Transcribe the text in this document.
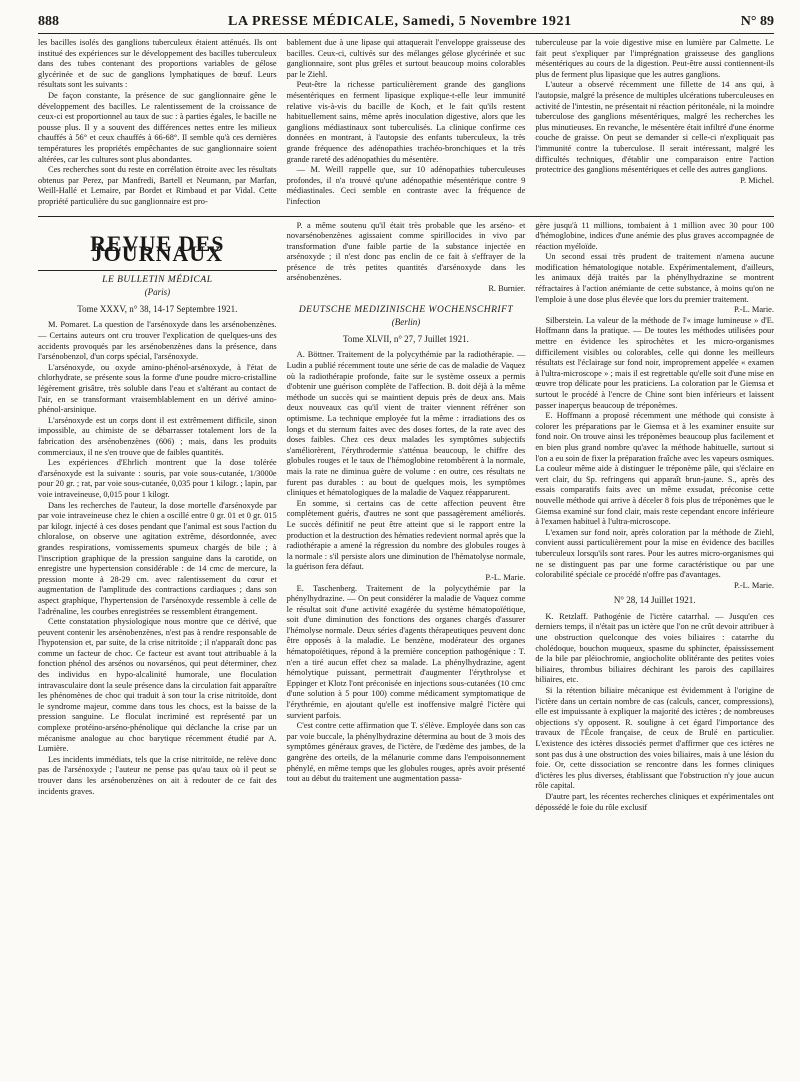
888	LA PRESSE MÉDICALE, Samedi, 5 Novembre 1921	N° 89

les bacilles isolés des ganglions tuberculeux étaient atténués. Ils ont institué des expériences sur le développement des bacilles tuberculeux dans des tubes contenant des proportions variables de gélose glycérinée et de suc de ganglions lymphatiques de bœuf. Leurs résultats sont les suivants :

De façon constante, la présence de suc ganglionnaire gêne le développement des bacilles. Le ralentissement de la croissance de ceux-ci est proportionnel au taux de suc : à parties égales, le bacille ne pousse plus. Il y a souvent des différences nettes entre les milieux chauffés à 56° et ceux chauffés à 66-68°. Il semble qu'à ces dernières températures les propriétés empêchantes de suc ganglionnaire soient altérées, car les cultures sont plus abondantes.

Ces recherches sont du reste en corrélation étroite avec les résultats obtenus par Perez, par Manfredi, Bartell et Neumann, par Marfan, Weill-Hallé et Lemaire, par Bordet et Rimbaud et par Vidal. Cette propriété particulière du suc ganglionnaire est pro-

bablement due à une lipase qui attaquerait l'enveloppe graisseuse des bacilles. Ceux-ci, cultivés sur des mélanges gélose glycérinée et suc ganglionnaire, sont plus grêles et surtout beaucoup moins colorables par le Ziehl.

Peut-être la richesse particulièrement grande des ganglions mésentériques en ferment lipasique explique-t-elle leur immunité relative vis-à-vis du bacille de Koch, et le fait qu'ils restent habituellement sains, même après inoculation digestive, alors que les ganglions médiastinaux sont tuberculisés. La clinique confirme ces données en montrant, à l'autopsie des enfants tuberculeux, la très grande fréquence des adénopathies trachéo-bronchiques et la très grande rareté des adénopathies du mésentère.

— M. Weill rappelle que, sur 10 adénopathies tuberculeuses profondes, il n'a trouvé qu'une adénopathie mésentérique contre 9 médiastinales. Ceci semble en contraste avec la fréquence de l'infection

tuberculeuse par la voie digestive mise en lumière par Calmette. Le fait peut s'expliquer par l'imprégnation graisseuse des ganglions mésentériques au cours de la digestion. Peut-être aussi contiennent-ils plus de ferment plus lipasique que les autres ganglions.

L'auteur a observé récemment une fillette de 14 ans qui, à l'autopsie, malgré la présence de multiples ulcérations tuberculeuses en activité de l'intestin, ne présentait ni réaction péritonéale, ni la moindre tuberculose des ganglions mésentériques, malgré les recherches les plus minutieuses. En revanche, le mésentère était infiltré d'une énorme couche de graisse. On peut se demander si celle-ci n'expliquait pas l'immunité contre la tuberculose. Il serait intéressant, malgré les difficultés techniques, d'établir une comparaison entre l'action protectrice des ganglions mésentériques et celle des autres ganglions.

P. Michel.

REVUE DES JOURNAUX
LE BULLETIN MÉDICAL
(Paris)
Tome XXXV, n° 38, 14-17 Septembre 1921.

M. Pomaret. La question de l'arsénoxyde dans les arsénobenzènes. — Certains auteurs ont cru trouver l'explication de quelques-uns des accidents provoqués par les arsénobenzènes dans la présence, dans l'arsénobenzol, d'un corps spécial, l'arsénoxyde.

L'arsénoxyde, ou oxyde amino-phénol-arsénoxyde, à l'état de chlorhydrate, se présente sous la forme d'une poudre micro-cristalline légèrement grisâtre, très soluble dans l'eau et s'altérant au contact de l'air, en se transformant vraisemblablement en un dérivé amino-phénol-arsinique.

L'arsénoxyde est un corps dont il est extrêmement difficile, sinon impossible, au chimiste de se débarrasser totalement lors de la fabrication des arsénobenzènes (606) ; mais, dans les produits commerciaux, il ne s'en trouve que de faibles quantités.

Les expériences d'Ehrlich montrent que la dose tolérée d'arsénoxyde est la suivante : souris, par voie sous-cutanée, 1/3000e pour 20 gr. ; rat, par voie sous-cutanée, 0,035 pour 1 kilogr. ; lapin, par voie intraveineuse, 0,015 pour 1 kilogr.

Dans les recherches de l'auteur, la dose mortelle d'arsénoxyde par par voie intraveineuse chez le chien a oscillé entre 0 gr. 01 et 0 gr. 015 par kilogr. injecté à ces doses pendant que l'animal est sous l'action du chloralose, on observe une agitation extrême, désordonnée, avec grandes respirations, vomissements spumeux chargés de bile ; à l'inscription graphique de la pression sanguine dans la carotide, on enregistre une hypertension considérable : de 14 cmc de mercure, la pression monte à 28-29 cm. avec ralentissement du cœur et augmentation de l'amplitude des contractions cardiaques ; dans son aspect graphique, l'hypertension de l'arsénoxyde ressemble à celle de l'adrénaline, les courbes enregistrées se ressemblent étrangement.

Cette constatation physiologique nous montre que ce dérivé, que peuvent contenir les arsénobenzènes, n'est pas à rendre responsable de l'hypotension et, par suite, de la crise nitritoïde ; il n'apparaît donc pas comme un facteur de choc. Ce facteur est avant tout attribuable à la fonction phénol des arsénos ou novarsénos, qui peut déterminer, chez des individus en hypo-alcalinité humorale, une floculation intravasculaire dont la seule présence dans la circulation fait apparaître les phénomènes de choc qui traduit à son tour la crise nitritoïde, dont le syndrome majeur, comme dans tous les chocs, est la baisse de la pression sanguine. Le floculat incriminé est représenté par un complexe protéino-arséno-phénolique qui déclanche la crise par un mécanisme analogue au choc barytique récemment étudié par A. Lumière.

Les incidents immédiats, tels que la crise nitritoïde, ne relève donc pas de l'arsénoxyde ; l'auteur ne pense pas qu'au taux où il peut se trouver dans les arsénobenzènes on ait à redouter de ce fait des incidents graves.

P. a même soutenu qu'il était très probable que les arséno- et novarsénobenzènes agissaient comme spirillocides in vivo par transformation d'une faible partie de la substance injectée en arsénoxyde ; il n'est donc pas enclin de ce fait à s'effrayer de la présence de très petites quantités d'arsénoxyde dans les arsénobenzènes.

R. Burnier.

DEUTSCHE MEDIZINISCHE WOCHENSCHRIFT
(Berlin)
Tome XLVII, n° 27, 7 Juillet 1921.

A. Böttner. Traitement de la polycythémie par la radiothérapie. — Ludin a publié récemment toute une série de cas de maladie de Vaquez où la radiothérapie profonde, faite sur le système osseux a permis d'obtenir une guérison complète de l'affection. B. doit déjà à la même méthode un succès qui se maintient depuis près de deux ans. Mais deux nouveaux cas qu'il vient de traiter viennent réfréner son optimisme. La technique employée fut la même : irradiations des os longs et du sternum faites avec des doses fortes, de la rate avec des doses faibles. Chez ces deux malades les symptômes subjectifs s'améliorèrent, l'érythrodermie s'atténua beaucoup, le chiffre des globules rouges et le taux de l'hémoglobine retombèrent à la normale, mais la rate ne diminua guère de volume : en outre, ces résultats ne furent pas durables : au bout de quelques mois, les symptômes cliniques et hématologiques de la maladie de Vaquez réapparurent.

En somme, si certains cas de cette affection peuvent être complètement guéris, d'autres ne sont que passagèrement améliorés. Le succès définitif ne peut être atteint que si le rapport entre la production et la destruction des hématies redevient normal après que la radiothérapie a amené la régression du nombre des globules rouges à la normale : s'il persiste alors une diminution de l'hématolyse normale, la guérison fera défaut.

P.-L. Marie.

E. Taschenberg. Traitement de la polycythémie par la phénylhydrazine. — On peut considérer la maladie de Vaquez comme le résultat soit d'une activité exagérée du système hématopoïétique, soit d'une diminution des fonctions des organes chargés d'assurer l'hémolyse normale. Deux séries d'agents thérapeutiques peuvent donc être opposés à la maladie. Le benzène, modérateur des organes hématopoïétiques, répond à la première conception pathogénique : T. n'en a tiré aucun effet chez sa malade. La phénylhydrazine, agent hémolytique puissant, permettrait d'augmenter l'érythrolyse et Eppinger et Klotz l'ont préconisée en injections sous-cutanées (10 cmc d'une solution à 5 pour 100) comme médicament symptomatique de l'érythrémie, en ajoutant qu'elle est inoffensive malgré l'ictère qui survient parfois.

C'est contre cette affirmation que T. s'élève. Employée dans son cas par voie buccale, la phénylhydrazine détermina au bout de 3 mois des symptômes généraux graves, de l'ictère, de l'œdème des jambes, de la gangrène des orteils, de la mélanurie comme dans l'empoisonnement phénylé, en même temps que les globules rouges, après avoir présenté tout au début du traitement une augmentation passa-

gère jusqu'à 11 millions, tombaient à 1 million avec 30 pour 100 d'hémoglobine, indices d'une anémie des plus graves accompagnée de réaction myéloïde.

Un second essai très prudent de traitement n'amena aucune modification hématologique notable. Expérimentalement, d'ailleurs, les animaux déjà traités par la phénylhydrazine se montrent réfractaires à l'action anémiante de cette substance, à moins qu'on ne l'emploie à une dose plus élevée que lors du premier traitement.

P.-L. Marie.

Silberstein. La valeur de la méthode de l'« image lumineuse » d'E. Hoffmann dans la pratique. — De toutes les méthodes utilisées pour mettre en évidence les spirochètes et les micro-organismes difficilement visibles ou colorables, celle qui donne les meilleurs résultats est l'éclairage sur fond noir, improprement appelée « examen à l'ultra-microscope » ; mais il est regrettable qu'elle soit d'une mise en œuvre trop délicate pour les praticiens. La coloration par le Giemsa et surtout le procédé à l'encre de Chine sont bien inférieurs et laissent passer inaperçus beaucoup de tréponèmes.

E. Hoffmann a proposé récemment une méthode qui consiste à colorer les préparations par le Giemsa et à les examiner ensuite sur fond noir. On trouve ainsi les tréponèmes beaucoup plus facilement et en bien plus grand nombre qu'avec la méthode habituelle, surtout si l'on a eu soin de fixer la préparation fraîche avec les vapeurs osmiques. La couleur même aide à distinguer le tréponème pâle, qui s'éclaire en vert clair, du Sp. refringens qui apparaît brun-jaune. S., après des essais comparatifs faits avec un même exsudat, préconise cette nouvelle méthode qui arrive à déceler 8 fois plus de tréponèmes que le Giemsa examiné sur fond clair, mais reste cependant encore inférieure à l'examen habituel à l'ultra-microscope.

L'examen sur fond noir, après coloration par la méthode de Ziehl, convient aussi particulièrement pour la mise en évidence des bacilles tuberculeux lorsqu'ils sont rares. Pour les autres micro-organismes qui ne se distinguent pas par une forme caractéristique ou par une colorabilité spéciale ce procédé n'offre pas d'avantages.

P.-L. Marie.

N° 28, 14 Juillet 1921.

K. Retzlaff. Pathogénie de l'ictère catarrhal. — Jusqu'en ces derniers temps, il n'était pas un ictère que l'on ne crût devoir attribuer à une obstruction quelconque des voies biliaires : catarrhe du cholédoque, bouchon muqueux, spasme du sphincter, épaississement de la bile par pléiochromie, angiocholite oblitérante des petites voies biliaires, thrombus biliaires déchirant les parois des capillaires biliaires, etc.

Si la rétention biliaire mécanique est évidemment à l'origine de l'ictère dans un certain nombre de cas (calculs, cancer, compressions), elle est impuissante à expliquer la majorité des ictères ; de nombreuses objections s'y opposent. R. souligne à cet égard l'importance des travaux de l'École française, de ceux de Brulé en particulier. L'existence des ictères dissociés permet d'affirmer que ces ictères ne sont pas dus à une obstruction des voies biliaires, mais à une lésion du foie. Or, cette dissociation se rencontre dans les formes cliniques d'ictères les plus diverses, établissant que l'obstruction n'y joue aucun rôle capital.

D'autre part, les récentes recherches cliniques et expérimentales ont dépossédé le foie du rôle exclusif
